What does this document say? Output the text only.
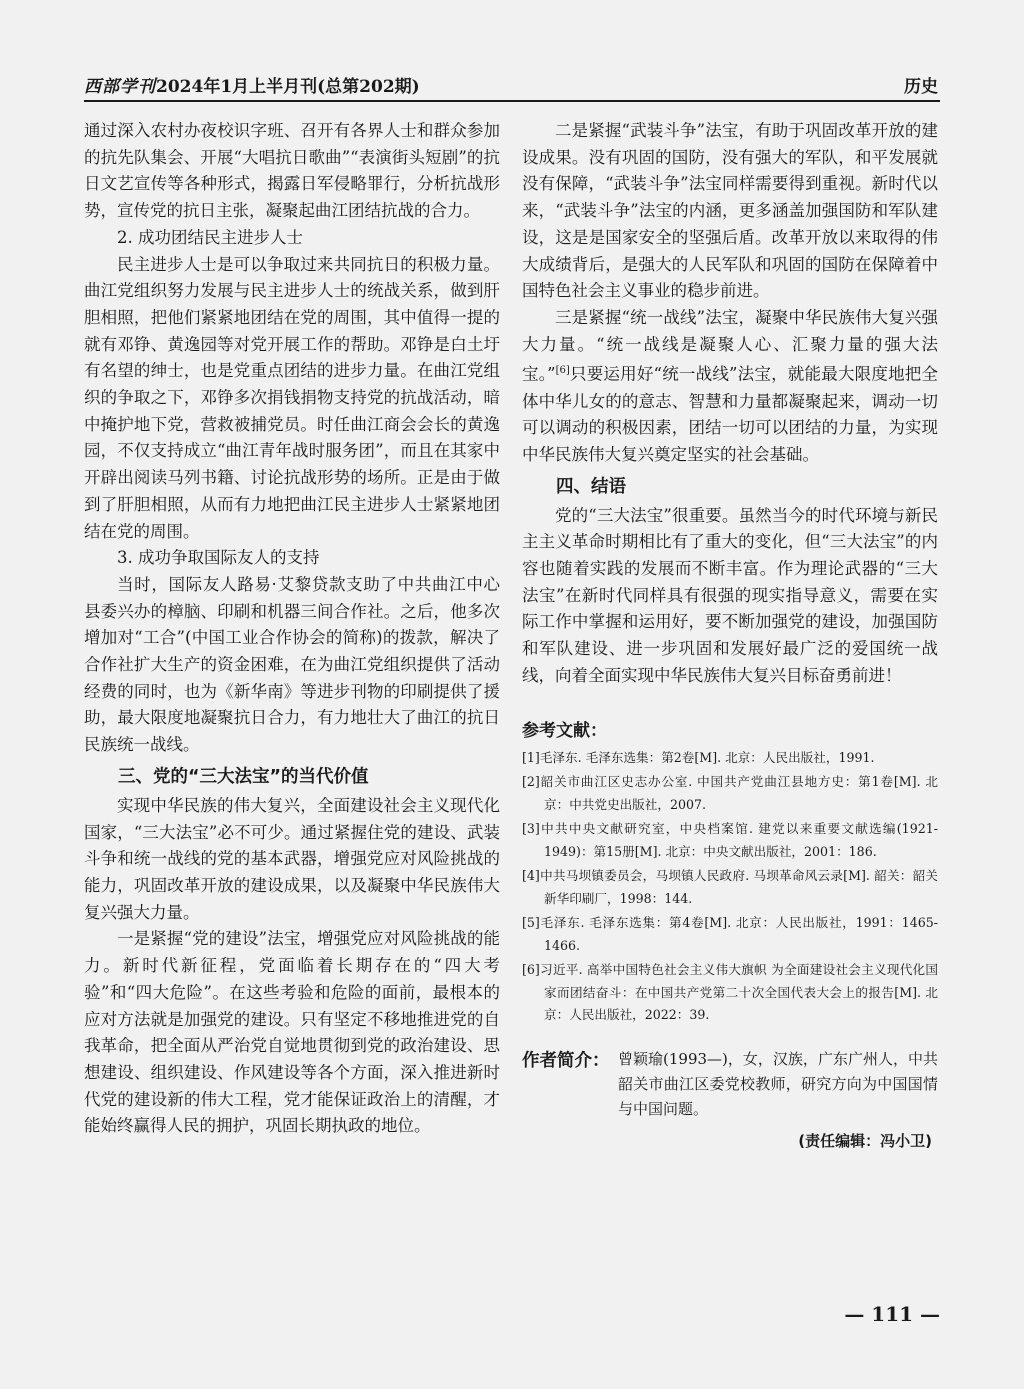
西部学刊2024年1月上半月刊(总第202期)	历史

通过深入农村办夜校识字班、召开有各界人士和群众参加的抗先队集会、开展“大唱抗日歌曲”“表演街头短剧”的抗日文艺宣传等各种形式，揭露日军侵略罪行，分析抗战形势，宣传党的抗日主张，凝聚起曲江团结抗战的合力。

2. 成功团结民主进步人士

民主进步人士是可以争取过来共同抗日的积极力量。曲江党组织努力发展与民主进步人士的统战关系，做到肝胆相照，把他们紧紧地团结在党的周围，其中值得一提的就有邓铮、黄逸园等对党开展工作的帮助。邓铮是白土圩有名望的绅士，也是党重点团结的进步力量。在曲江党组织的争取之下，邓铮多次捐钱捐物支持党的抗战活动，暗中掩护地下党，营救被捕党员。时任曲江商会会长的黄逸园，不仅支持成立“曲江青年战时服务团”，而且在其家中开辟出阅读马列书籍、讨论抗战形势的场所。正是由于做到了肝胆相照，从而有力地把曲江民主进步人士紧紧地团结在党的周围。

3. 成功争取国际友人的支持

当时，国际友人路易·艾黎贷款支助了中共曲江中心县委兴办的樟脑、印刷和机器三间合作社。之后，他多次增加对“工合”(中国工业合作协会的简称)的拨款，解决了合作社扩大生产的资金困难，在为曲江党组织提供了活动经费的同时，也为《新华南》等进步刊物的印刷提供了援助，最大限度地凝聚抗日合力，有力地壮大了曲江的抗日民族统一战线。

三、党的“三大法宝”的当代价值

实现中华民族的伟大复兴，全面建设社会主义现代化国家，“三大法宝”必不可少。通过紧握住党的建设、武装斗争和统一战线的党的基本武器，增强党应对风险挑战的能力，巩固改革开放的建设成果，以及凝聚中华民族伟大复兴强大力量。

一是紧握“党的建设”法宝，增强党应对风险挑战的能力。新时代新征程，党面临着长期存在的“四大考验”和“四大危险”。在这些考验和危险的面前，最根本的应对方法就是加强党的建设。只有坚定不移地推进党的自我革命，把全面从严治党自觉地贯彻到党的政治建设、思想建设、组织建设、作风建设等各个方面，深入推进新时代党的建设新的伟大工程，党才能保证政治上的清醒，才能始终赢得人民的拥护，巩固长期执政的地位。

二是紧握“武装斗争”法宝，有助于巩固改革开放的建设成果。没有巩固的国防，没有强大的军队，和平发展就没有保障，“武装斗争”法宝同样需要得到重视。新时代以来，“武装斗争”法宝的内涵，更多涵盖加强国防和军队建设，这是是国家安全的坚强后盾。改革开放以来取得的伟大成绩背后，是强大的人民军队和巩固的国防在保障着中国特色社会主义事业的稳步前进。

三是紧握“统一战线”法宝，凝聚中华民族伟大复兴强大力量。“统一战线是凝聚人心、汇聚力量的强大法宝。”[6]只要运用好“统一战线”法宝，就能最大限度地把全体中华儿女的的意志、智慧和力量都凝聚起来，调动一切可以调动的积极因素，团结一切可以团结的力量，为实现中华民族伟大复兴奠定坚实的社会基础。

四、结语

党的“三大法宝”很重要。虽然当今的时代环境与新民主主义革命时期相比有了重大的变化，但“三大法宝”的内容也随着实践的发展而不断丰富。作为理论武器的“三大法宝”在新时代同样具有很强的现实指导意义，需要在实际工作中掌握和运用好，要不断加强党的建设，加强国防和军队建设、进一步巩固和发展好最广泛的爱国统一战线，向着全面实现中华民族伟大复兴目标奋勇前进！

参考文献：
[1]毛泽东. 毛泽东选集：第2卷[M]. 北京：人民出版社，1991.
[2]韶关市曲江区史志办公室. 中国共产党曲江县地方史：第1卷[M]. 北京：中共党史出版社，2007.
[3]中共中央文献研究室，中央档案馆. 建党以来重要文献选编(1921-1949)：第15册[M]. 北京：中央文献出版社，2001：186.
[4]中共马坝镇委员会，马坝镇人民政府. 马坝革命风云录[M]. 韶关：韶关新华印刷厂，1998：144.
[5]毛泽东. 毛泽东选集：第4卷[M]. 北京：人民出版社，1991：1465-1466.
[6]习近平. 高举中国特色社会主义伟大旗帜 为全面建设社会主义现代化国家而团结奋斗：在中国共产党第二十次全国代表大会上的报告[M]. 北京：人民出版社，2022：39.
作者简介： 曾颖瑜(1993—)，女，汉族，广东广州人，中共韶关市曲江区委党校教师，研究方向为中国国情与中国问题。
(责任编辑：冯小卫)
— 111 —
